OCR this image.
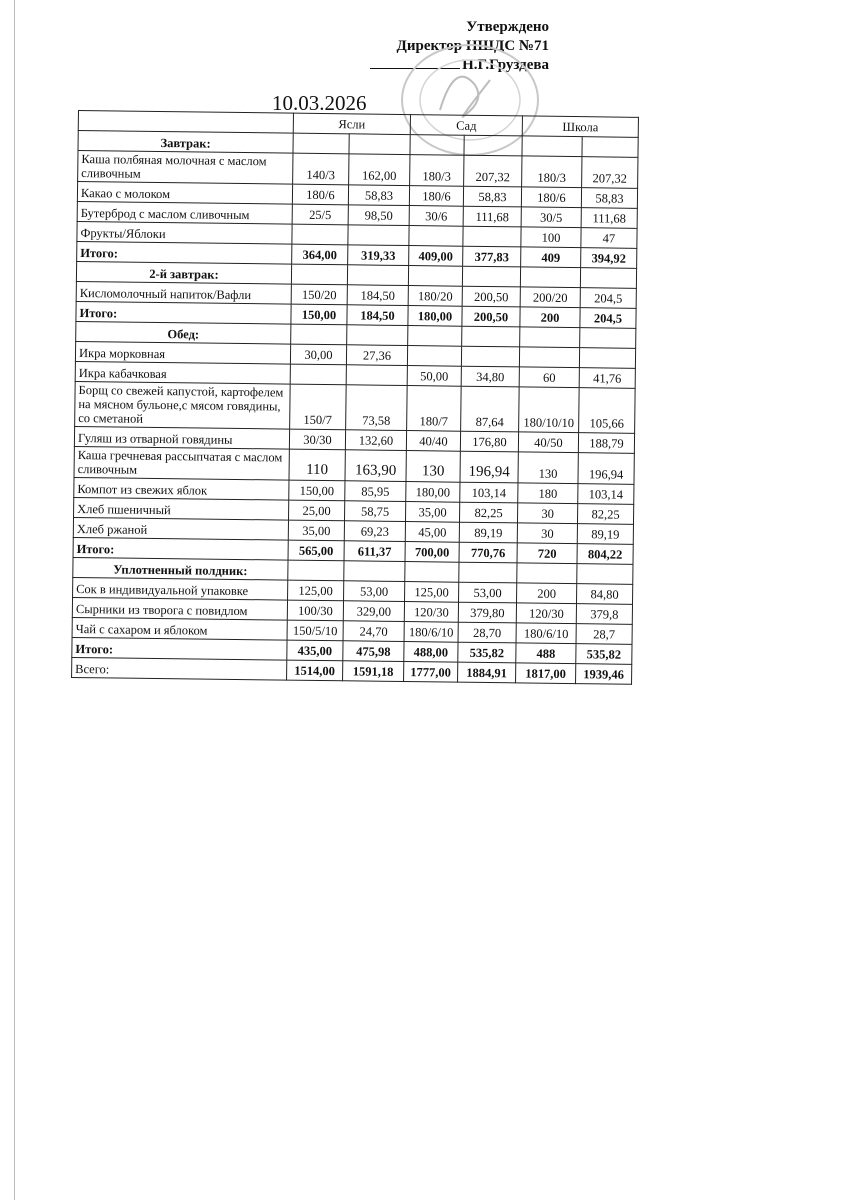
Утверждено
Директор НШДС №71
Н.Г.Груздева
10.03.2026
	Ясли		Сад		Школа	
Завтрак:						
Каша полбяная молочная с маслом сливочным	140/3	162,00	180/3	207,32	180/3	207,32
Какао с молоком	180/6	58,83	180/6	58,83	180/6	58,83
Бутерброд с маслом сливочным	25/5	98,50	30/6	111,68	30/5	111,68
Фрукты/Яблоки					100	47
Итого:	364,00	319,33	409,00	377,83	409	394,92
2-й завтрак:						
Кисломолочный напиток/Вафли	150/20	184,50	180/20	200,50	200/20	204,5
Итого:	150,00	184,50	180,00	200,50	200	204,5
Обед:						
Икра морковная	30,00	27,36				
Икра кабачковая			50,00	34,80	60	41,76
Борщ со свежей капустой, картофелем на мясном бульоне,с мясом говядины, со сметаной	150/7	73,58	180/7	87,64	180/10/10	105,66
Гуляш из отварной говядины	30/30	132,60	40/40	176,80	40/50	188,79
Каша гречневая рассыпчатая с маслом сливочным	110	163,90	130	196,94	130	196,94
Компот из свежих яблок	150,00	85,95	180,00	103,14	180	103,14
Хлеб пшеничный	25,00	58,75	35,00	82,25	30	82,25
Хлеб ржаной	35,00	69,23	45,00	89,19	30	89,19
Итого:	565,00	611,37	700,00	770,76	720	804,22
Уплотненный полдник:						
Сок в индивидуальной упаковке	125,00	53,00	125,00	53,00	200	84,80
Сырники из творога с повидлом	100/30	329,00	120/30	379,80	120/30	379,8
Чай с сахаром и яблоком	150/5/10	24,70	180/6/10	28,70	180/6/10	28,7
Итого:	435,00	475,98	488,00	535,82	488	535,82
Всего:	1514,00	1591,18	1777,00	1884,91	1817,00	1939,46
